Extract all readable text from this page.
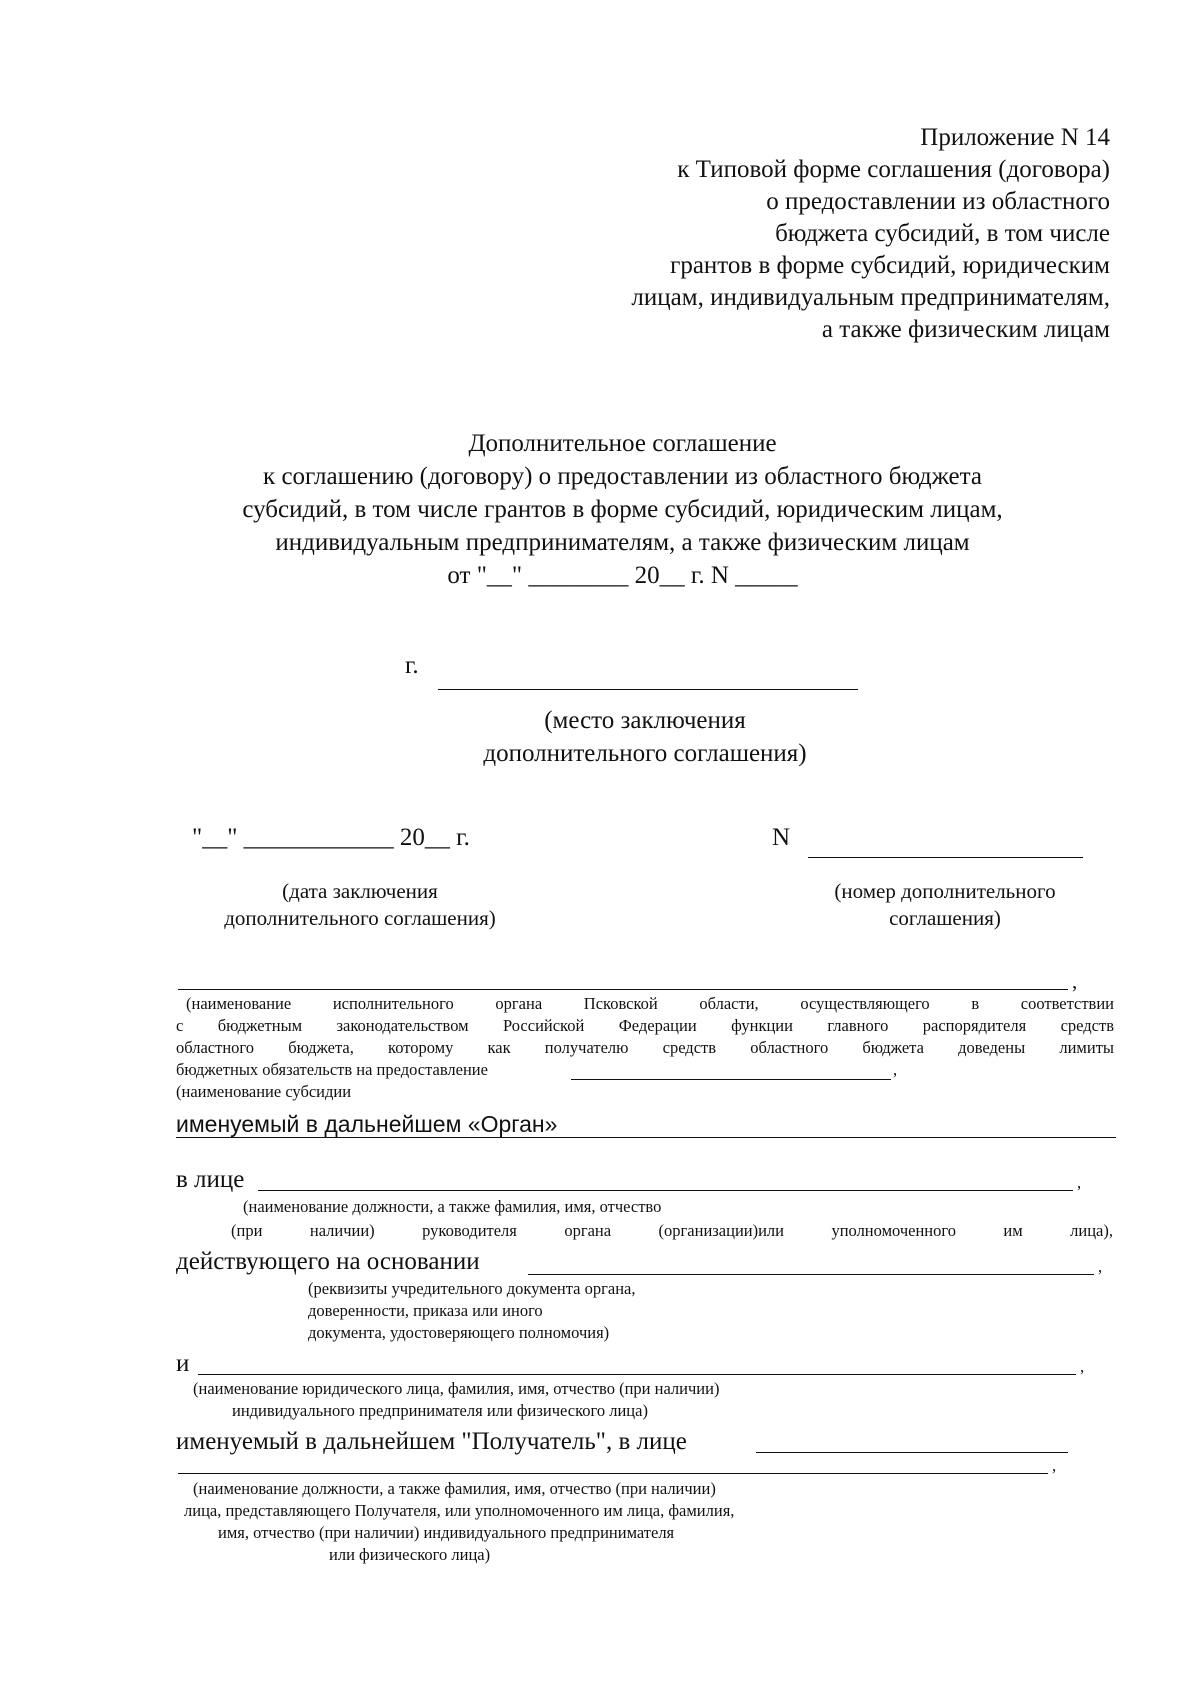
Приложение N 14
к Типовой форме соглашения (договора)
о предоставлении из областного
бюджета субсидий, в том числе
грантов в форме субсидий, юридическим
лицам, индивидуальным предпринимателям,
а также физическим лицам
Дополнительное соглашение
к соглашению (договору) о предоставлении из областного бюджета
субсидий, в том числе грантов в форме субсидий, юридическим лицам,
индивидуальным предпринимателям, а также физическим лицам
от "__" ________ 20__ г. N _____
г.
(место заключения
дополнительного соглашения)
"__" ____________ 20__ г.
(дата заключения
дополнительного соглашения)
N
(номер дополнительного
соглашения)
,
(наименование исполнительного органа Псковской области, осуществляющего в соответствии
с бюджетным законодательством Российской Федерации функции главного распорядителя средств
областного бюджета, которому как получателю средств областного бюджета доведены лимиты
бюджетных обязательств на предоставление	,
(наименование субсидии
именуемый в дальнейшем «Орган»
в лице	,
(наименование должности, а также фамилия, имя, отчество
(при наличии) руководителя органа (организации)или уполномоченного им лица),
действующего на основании	,
(реквизиты учредительного документа органа,
доверенности, приказа или иного
документа, удостоверяющего полномочия)
и	,
(наименование юридического лица, фамилия, имя, отчество (при наличии)
индивидуального предпринимателя или физического лица)
именуемый в дальнейшем "Получатель", в лице
,
(наименование должности, а также фамилия, имя, отчество (при наличии)
лица, представляющего Получателя, или уполномоченного им лица, фамилия,
имя, отчество (при наличии) индивидуального предпринимателя
или физического лица)
